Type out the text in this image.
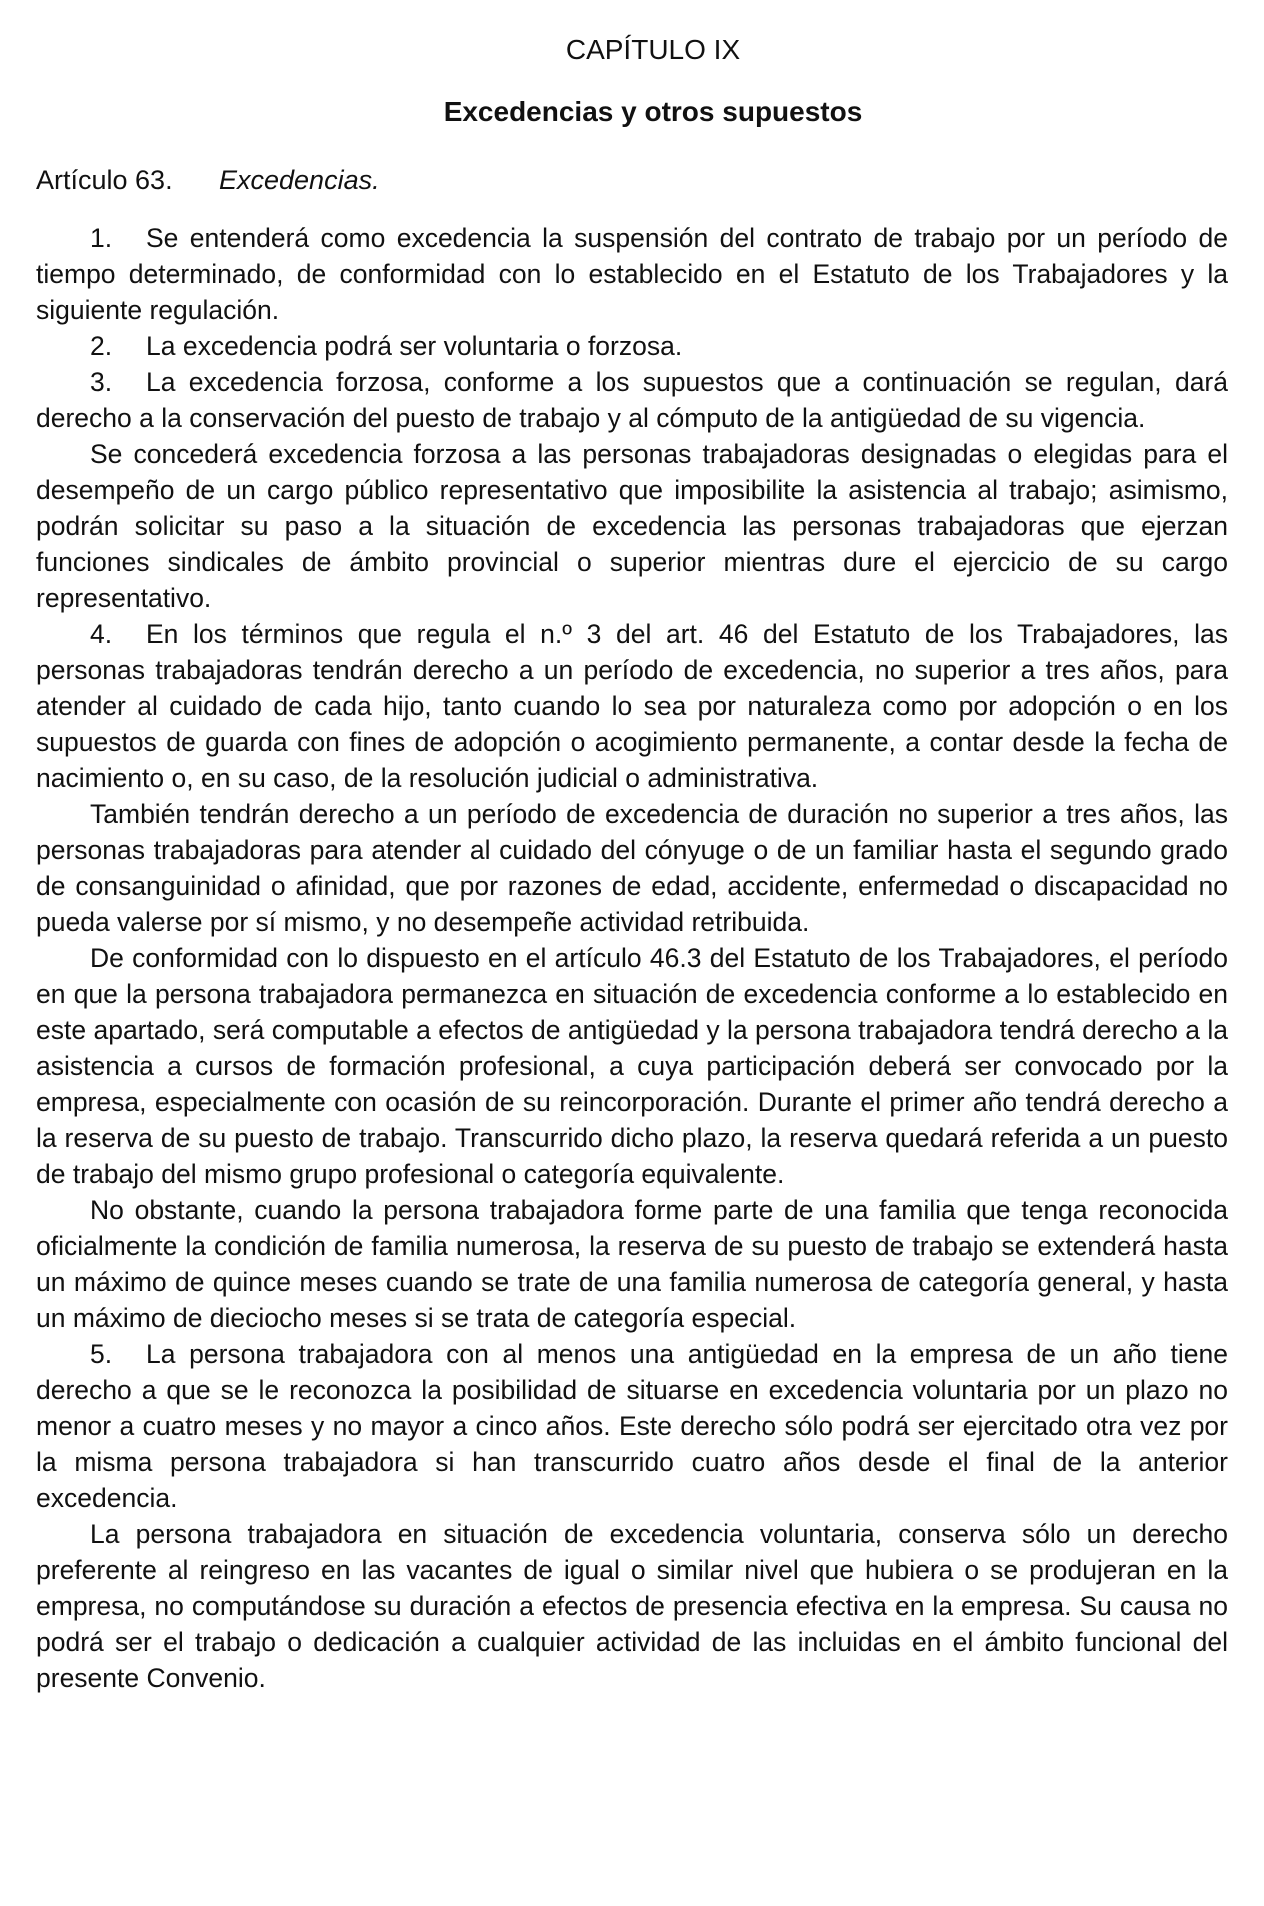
CAPÍTULO IX
Excedencias y otros supuestos
Artículo 63. Excedencias.

1. Se entenderá como excedencia la suspensión del contrato de trabajo por un período de tiempo determinado, de conformidad con lo establecido en el Estatuto de los Trabajadores y la siguiente regulación.

2. La excedencia podrá ser voluntaria o forzosa.

3. La excedencia forzosa, conforme a los supuestos que a continuación se regulan, dará derecho a la conservación del puesto de trabajo y al cómputo de la antigüedad de su vigencia.

Se concederá excedencia forzosa a las personas trabajadoras designadas o elegidas para el desempeño de un cargo público representativo que imposibilite la asistencia al trabajo; asimismo, podrán solicitar su paso a la situación de excedencia las personas trabajadoras que ejerzan funciones sindicales de ámbito provincial o superior mientras dure el ejercicio de su cargo representativo.

4. En los términos que regula el n.º 3 del art. 46 del Estatuto de los Trabajadores, las personas trabajadoras tendrán derecho a un período de excedencia, no superior a tres años, para atender al cuidado de cada hijo, tanto cuando lo sea por naturaleza como por adopción o en los supuestos de guarda con fines de adopción o acogimiento permanente, a contar desde la fecha de nacimiento o, en su caso, de la resolución judicial o administrativa.

También tendrán derecho a un período de excedencia de duración no superior a tres años, las personas trabajadoras para atender al cuidado del cónyuge o de un familiar hasta el segundo grado de consanguinidad o afinidad, que por razones de edad, accidente, enfermedad o discapacidad no pueda valerse por sí mismo, y no desempeñe actividad retribuida.

De conformidad con lo dispuesto en el artículo 46.3 del Estatuto de los Trabajadores, el período en que la persona trabajadora permanezca en situación de excedencia conforme a lo establecido en este apartado, será computable a efectos de antigüedad y la persona trabajadora tendrá derecho a la asistencia a cursos de formación profesional, a cuya participación deberá ser convocado por la empresa, especialmente con ocasión de su reincorporación. Durante el primer año tendrá derecho a la reserva de su puesto de trabajo. Transcurrido dicho plazo, la reserva quedará referida a un puesto de trabajo del mismo grupo profesional o categoría equivalente.

No obstante, cuando la persona trabajadora forme parte de una familia que tenga reconocida oficialmente la condición de familia numerosa, la reserva de su puesto de trabajo se extenderá hasta un máximo de quince meses cuando se trate de una familia numerosa de categoría general, y hasta un máximo de dieciocho meses si se trata de categoría especial.

5. La persona trabajadora con al menos una antigüedad en la empresa de un año tiene derecho a que se le reconozca la posibilidad de situarse en excedencia voluntaria por un plazo no menor a cuatro meses y no mayor a cinco años. Este derecho sólo podrá ser ejercitado otra vez por la misma persona trabajadora si han transcurrido cuatro años desde el final de la anterior excedencia.

La persona trabajadora en situación de excedencia voluntaria, conserva sólo un derecho preferente al reingreso en las vacantes de igual o similar nivel que hubiera o se produjeran en la empresa, no computándose su duración a efectos de presencia efectiva en la empresa. Su causa no podrá ser el trabajo o dedicación a cualquier actividad de las incluidas en el ámbito funcional del presente Convenio.
